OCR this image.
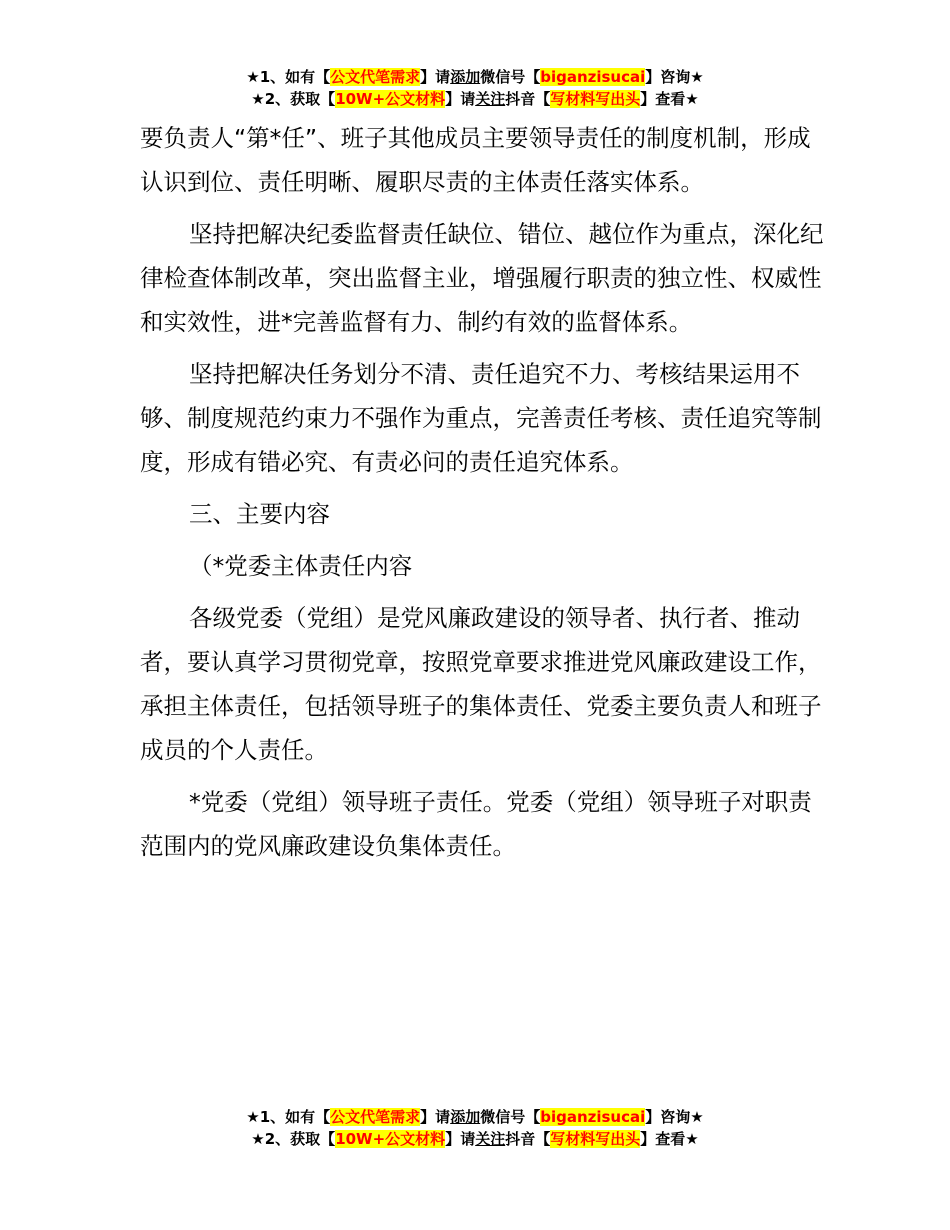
★1、如有【公文代笔需求】请添加微信号【biganzisucai】咨询★
★2、获取【10W+公文材料】请关注抖音【写材料写出头】查看★

要负责人“第*任”、班子其他成员主要领导责任的制度机制，形成认识到位、责任明晰、履职尽责的主体责任落实体系。

坚持把解决纪委监督责任缺位、错位、越位作为重点，深化纪律检查体制改革，突出监督主业，增强履行职责的独立性、权威性和实效性，进*完善监督有力、制约有效的监督体系。

坚持把解决任务划分不清、责任追究不力、考核结果运用不够、制度规范约束力不强作为重点，完善责任考核、责任追究等制度，形成有错必究、有责必问的责任追究体系。

三、主要内容

（*党委主体责任内容

各级党委（党组）是党风廉政建设的领导者、执行者、推动者，要认真学习贯彻党章，按照党章要求推进党风廉政建设工作，承担主体责任，包括领导班子的集体责任、党委主要负责人和班子成员的个人责任。

*党委（党组）领导班子责任。党委（党组）领导班子对职责范围内的党风廉政建设负集体责任。

★1、如有【公文代笔需求】请添加微信号【biganzisucai】咨询★
★2、获取【10W+公文材料】请关注抖音【写材料写出头】查看★
